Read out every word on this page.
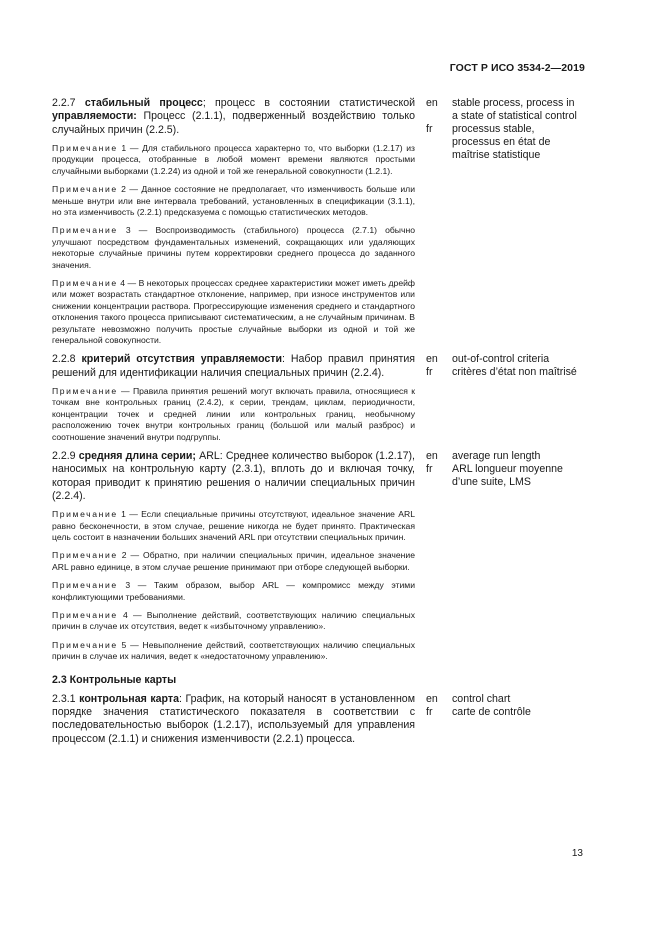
ГОСТ Р ИСО 3534-2—2019

2.2.7 стабильный процесс; процесс в состоянии статистической управляемости: Процесс (2.1.1), подверженный воздействию только случайных причин (2.2.5).

Примечание 1 — Для стабильного процесса характерно то, что выборки (1.2.17) из продукции процесса, отобранные в любой момент времени являются простыми случайными выборками (1.2.24) из одной и той же генеральной совокупности (1.2.1).

Примечание 2 — Данное состояние не предполагает, что изменчивость больше или меньше внутри или вне интервала требований, установленных в спецификации (3.1.1), но эта изменчивость (2.2.1) предсказуема с помощью статистических методов.

Примечание 3 — Воспроизводимость (стабильного) процесса (2.7.1) обычно улучшают посредством фундаментальных изменений, сокращающих или удаляющих некоторые случайные причины путем корректировки среднего процесса до заданного значения.

Примечание 4 — В некоторых процессах среднее характеристики может иметь дрейф или может возрастать стандартное отклонение, например, при износе инструментов или снижении концентрации раствора. Прогрессирующие изменения среднего и стандартного отклонения такого процесса приписывают систематическим, а не случайным причинам. В результате невозможно получить простые случайные выборки из одной и той же генеральной совокупности.

en	stable process, process in a state of statistical control
fr	processus stable, processus en état de maîtrise statistique

2.2.8 критерий отсутствия управляемости: Набор правил принятия решений для идентификации наличия специальных причин (2.2.4).

Примечание — Правила принятия решений могут включать правила, относящиеся к точкам вне контрольных границ (2.4.2), к серии, трендам, циклам, периодичности, концентрации точек и средней линии или контрольных границ, необычному расположению точек внутри контрольных границ (большой или малый разброс) и соотношение значений внутри подгруппы.

en	out-of-control criteria
fr	critères d’état non maîtrisé

2.2.9 средняя длина серии; ARL: Среднее количество выборок (1.2.17), наносимых на контрольную карту (2.3.1), вплоть до и включая точку, которая приводит к принятию решения о наличии специальных причин (2.2.4).

Примечание 1 — Если специальные причины отсутствуют, идеальное значение ARL равно бесконечности, в этом случае, решение никогда не будет принято. Практическая цель состоит в назначении больших значений ARL при отсутствии специальных причин.

Примечание 2 — Обратно, при наличии специальных причин, идеальное значение ARL равно единице, в этом случае решение принимают при отборе следующей выборки.

Примечание 3 — Таким образом, выбор ARL — компромисс между этими конфликтующими требованиями.

Примечание 4 — Выполнение действий, соответствующих наличию специальных причин в случае их отсутствия, ведет к «избыточному управлению».

Примечание 5 — Невыполнение действий, соответствующих наличию специальных причин в случае их наличия, ведет к «недостаточному управлению».

en	average run length
fr	ARL longueur moyenne d’une suite, LMS
2.3 Контрольные карты

2.3.1 контрольная карта: График, на который наносят в установленном порядке значения статистического показателя в соответствии с последовательностью выборок (1.2.17), используемый для управления процессом (2.1.1) и снижения изменчивости (2.2.1) процесса.

en	control chart
fr	carte de contrôle
13
